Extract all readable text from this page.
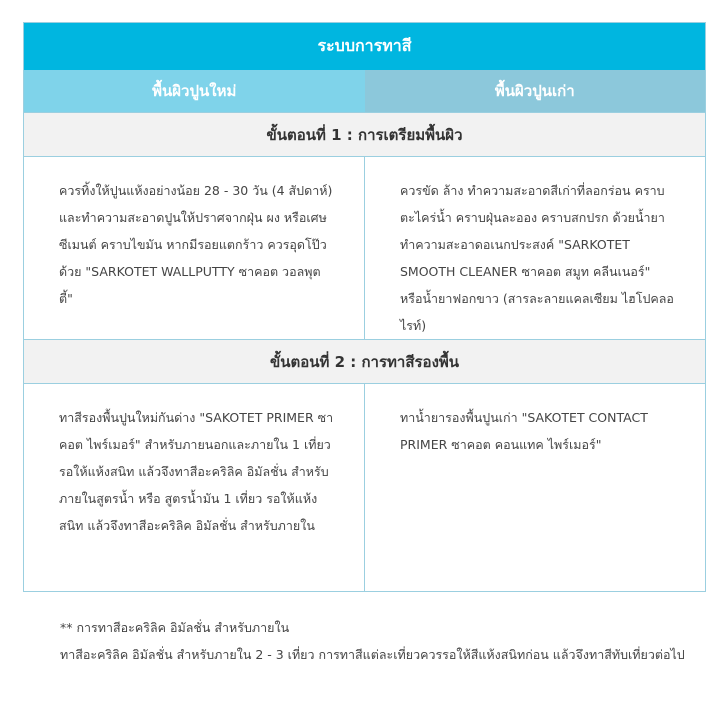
ระบบการทาสี
พื้นผิวปูนใหม่	พื้นผิวปูนเก่า
ขั้นตอนที่ 1 : การเตรียมพื้นผิว
ควรทิ้งให้ปูนแห้งอย่างน้อย 28 - 30 วัน (4 สัปดาห์) และทำความสะอาดปูนให้ปราศจากฝุ่น ผง หรือเศษซีเมนต์ คราบไขมัน หากมีรอยแตกร้าว ควรอุดโป๊ว ด้วย "SARKOTET WALLPUTTY ซาคอต วอลพุตตี้"
ควรขัด ล้าง ทำความสะอาดสีเก่าที่ลอกร่อน คราบตะไคร่น้ำ คราบฝุ่นละออง คราบสกปรก ด้วยน้ำยาทำความสะอาดอเนกประสงค์ "SARKOTET SMOOTH CLEANER ซาคอต สมูท คลีนเนอร์" หรือน้ำยาฟอกขาว (สารละลายแคลเซียม ไฮโปคลอไรท์)
ขั้นตอนที่ 2 : การทาสีรองพื้น
ทาสีรองพื้นปูนใหม่กันด่าง "SAKOTET PRIMER ซาคอต ไพร์เมอร์" สำหรับภายนอกและภายใน 1 เที่ยว รอให้แห้งสนิท แล้วจึงทาสีอะคริลิค อิมัลชั่น สำหรับภายในสูตรน้ำ หรือ สูตรน้ำมัน 1 เที่ยว รอให้แห้งสนิท แล้วจึงทาสีอะคริลิค อิมัลชั่น สำหรับภายใน
ทาน้ำยารองพื้นปูนเก่า "SAKOTET CONTACT PRIMER ซาคอต คอนแทค ไพร์เมอร์"

** การทาสีอะคริลิค อิมัลชั่น สำหรับภายใน

ทาสีอะคริลิค อิมัลชั่น สำหรับภายใน 2 - 3 เที่ยว การทาสีแต่ละเที่ยวควรรอให้สีแห้งสนิทก่อน แล้วจึงทาสีทับเที่ยวต่อไป
